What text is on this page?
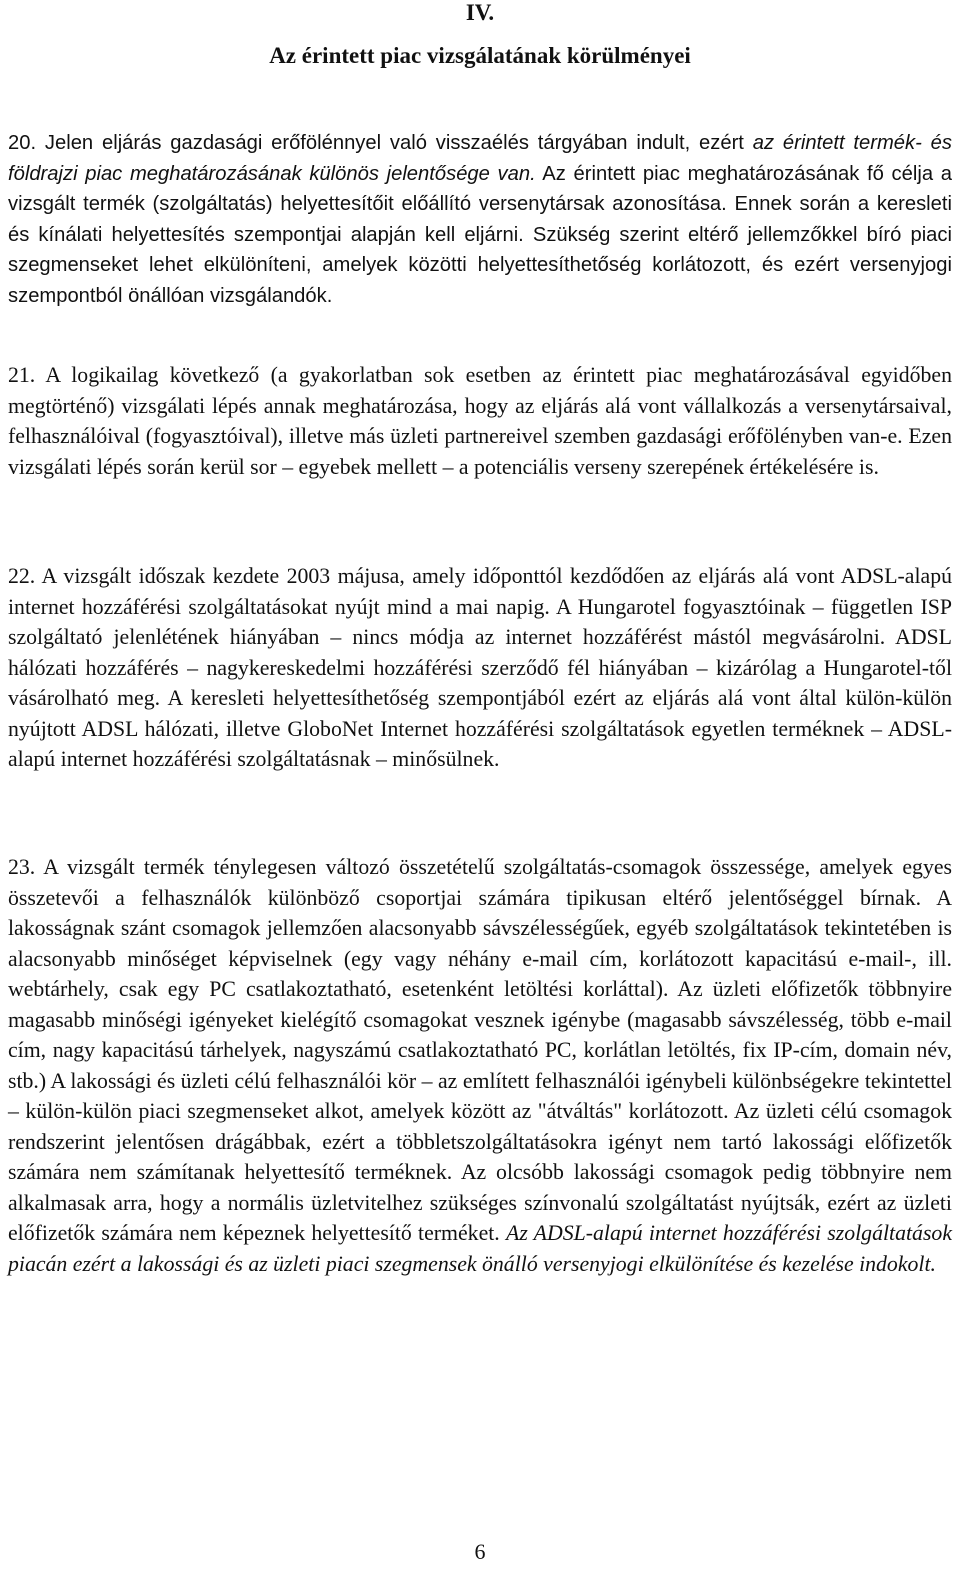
IV.
Az érintett piac vizsgálatának körülményei

20. Jelen eljárás gazdasági erőfölénnyel való visszaélés tárgyában indult, ezért az érintett termék- és földrajzi piac meghatározásának különös jelentősége van. Az érintett piac meghatározásának fő célja a vizsgált termék (szolgáltatás) helyettesítőit előállító versenytársak azonosítása. Ennek során a keresleti és kínálati helyettesítés szempontjai alapján kell eljárni. Szükség szerint eltérő jellemzőkkel bíró piaci szegmenseket lehet elkülöníteni, amelyek közötti helyettesíthetőség korlátozott, és ezért versenyjogi szempontból önállóan vizsgálandók.

21. A logikailag következő (a gyakorlatban sok esetben az érintett piac meghatározásával egyidőben megtörténő) vizsgálati lépés annak meghatározása, hogy az eljárás alá vont vállalkozás a versenytársaival, felhasználóival (fogyasztóival), illetve más üzleti partnereivel szemben gazdasági erőfölényben van-e. Ezen vizsgálati lépés során kerül sor – egyebek mellett – a potenciális verseny szerepének értékelésére is.

22. A vizsgált időszak kezdete 2003 májusa, amely időponttól kezdődően az eljárás alá vont ADSL-alapú internet hozzáférési szolgáltatásokat nyújt mind a mai napig. A Hungarotel fogyasztóinak – független ISP szolgáltató jelenlétének hiányában – nincs módja az internet hozzáférést mástól megvásárolni. ADSL hálózati hozzáférés – nagykereskedelmi hozzáférési szerződő fél hiányában – kizárólag a Hungarotel-től vásárolható meg. A keresleti helyettesíthetőség szempontjából ezért az eljárás alá vont által külön-külön nyújtott ADSL hálózati, illetve GloboNet Internet hozzáférési szolgáltatások egyetlen terméknek – ADSL-alapú internet hozzáférési szolgáltatásnak – minősülnek.

23. A vizsgált termék ténylegesen változó összetételű szolgáltatás-csomagok összessége, amelyek egyes összetevői a felhasználók különböző csoportjai számára tipikusan eltérő jelentőséggel bírnak. A lakosságnak szánt csomagok jellemzően alacsonyabb sávszélességűek, egyéb szolgáltatások tekintetében is alacsonyabb minőséget képviselnek (egy vagy néhány e-mail cím, korlátozott kapacitású e-mail-, ill. webtárhely, csak egy PC csatlakoztatható, esetenként letöltési korláttal). Az üzleti előfizetők többnyire magasabb minőségi igényeket kielégítő csomagokat vesznek igénybe (magasabb sávszélesség, több e-mail cím, nagy kapacitású tárhelyek, nagyszámú csatlakoztatható PC, korlátlan letöltés, fix IP-cím, domain név, stb.) A lakossági és üzleti célú felhasználói kör – az említett felhasználói igénybeli különbségekre tekintettel – külön-külön piaci szegmenseket alkot, amelyek között az "átváltás" korlátozott. Az üzleti célú csomagok rendszerint jelentősen drágábbak, ezért a többletszolgáltatásokra igényt nem tartó lakossági előfizetők számára nem számítanak helyettesítő terméknek. Az olcsóbb lakossági csomagok pedig többnyire nem alkalmasak arra, hogy a normális üzletvitelhez szükséges színvonalú szolgáltatást nyújtsák, ezért az üzleti előfizetők számára nem képeznek helyettesítő terméket. Az ADSL-alapú internet hozzáférési szolgáltatások piacán ezért a lakossági és az üzleti piaci szegmensek önálló versenyjogi elkülönítése és kezelése indokolt.

6
